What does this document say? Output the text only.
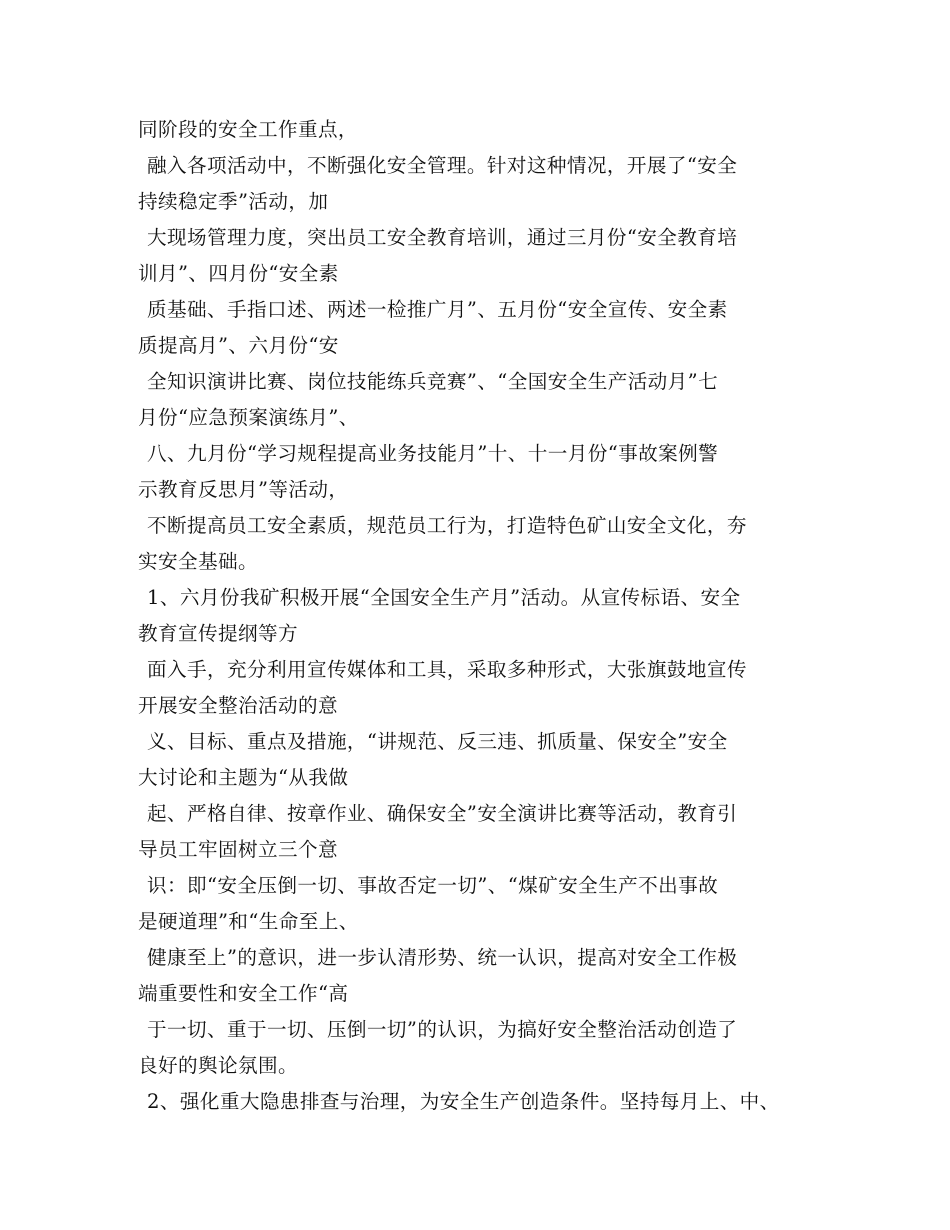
同阶段的安全工作重点，
融入各项活动中，不断强化安全管理。针对这种情况，开展了“安全
持续稳定季”活动，加
大现场管理力度，突出员工安全教育培训，通过三月份“安全教育培
训月”、四月份“安全素
质基础、手指口述、两述一检推广月”、五月份“安全宣传、安全素
质提高月”、六月份“安
全知识演讲比赛、岗位技能练兵竞赛”、“全国安全生产活动月”七
月份“应急预案演练月”、
八、九月份“学习规程提高业务技能月”十、十一月份“事故案例警
示教育反思月”等活动，
不断提高员工安全素质，规范员工行为，打造特色矿山安全文化，夯
实安全基础。
1、六月份我矿积极开展“全国安全生产月”活动。从宣传标语、安全
教育宣传提纲等方
面入手，充分利用宣传媒体和工具，采取多种形式，大张旗鼓地宣传
开展安全整治活动的意
义、目标、重点及措施，“讲规范、反三违、抓质量、保安全”安全
大讨论和主题为“从我做
起、严格自律、按章作业、确保安全”安全演讲比赛等活动，教育引
导员工牢固树立三个意
识：即“安全压倒一切、事故否定一切”、“煤矿安全生产不出事故
是硬道理”和“生命至上、
健康至上”的意识，进一步认清形势、统一认识，提高对安全工作极
端重要性和安全工作“高
于一切、重于一切、压倒一切”的认识，为搞好安全整治活动创造了
良好的舆论氛围。
2、强化重大隐患排查与治理，为安全生产创造条件。坚持每月上、中、
